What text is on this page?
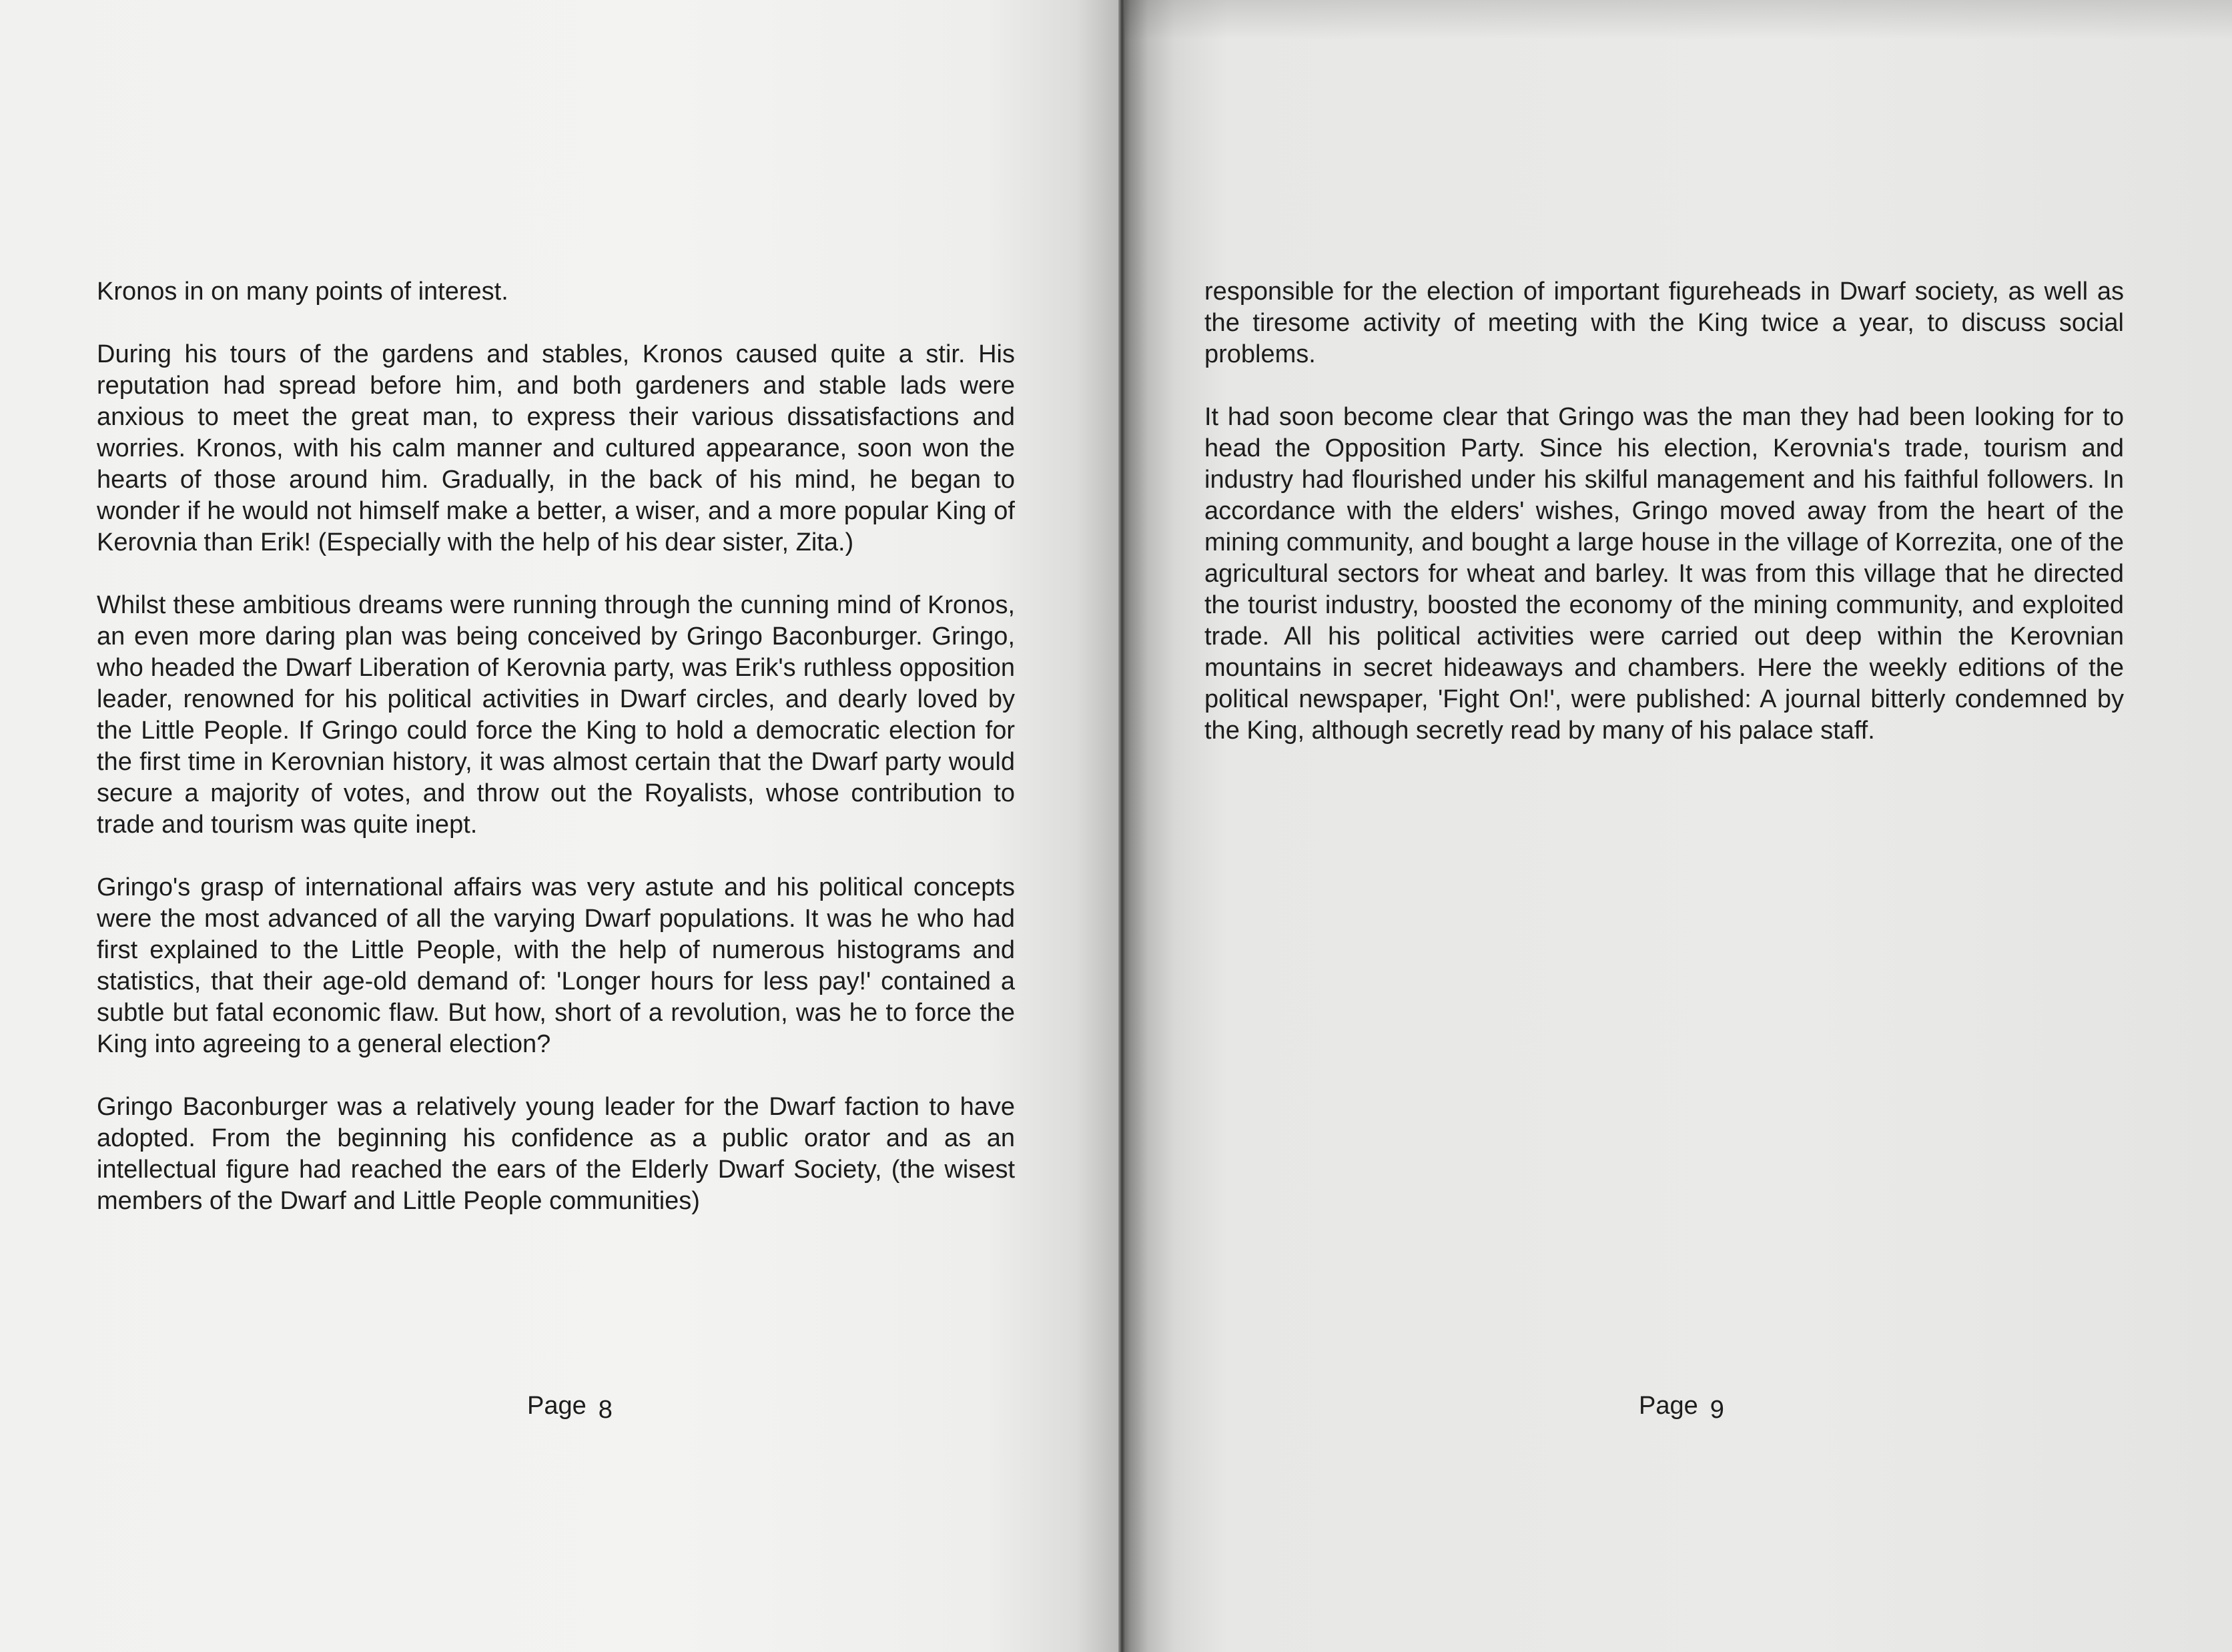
Kronos in on many points of interest.

During his tours of the gardens and stables, Kronos caused quite a stir. His reputation had spread before him, and both gardeners and stable lads were anxious to meet the great man, to express their various dissatisfactions and worries. Kronos, with his calm manner and cultured appearance, soon won the hearts of those around him. Gradually, in the back of his mind, he began to wonder if he would not himself make a better, a wiser, and a more popular King of Kerovnia than Erik! (Especially with the help of his dear sister, Zita.)

Whilst these ambitious dreams were running through the cunning mind of Kronos, an even more daring plan was being conceived by Gringo Baconburger. Gringo, who headed the Dwarf Liberation of Kerovnia party, was Erik's ruthless opposition leader, renowned for his political activities in Dwarf circles, and dearly loved by the Little People. If Gringo could force the King to hold a democratic election for the first time in Kerovnian history, it was almost certain that the Dwarf party would secure a majority of votes, and throw out the Royalists, whose contribution to trade and tourism was quite inept.

Gringo's grasp of international affairs was very astute and his political concepts were the most advanced of all the varying Dwarf populations. It was he who had first explained to the Little People, with the help of numerous histograms and statistics, that their age-old demand of: 'Longer hours for less pay!' contained a subtle but fatal economic flaw. But how, short of a revolution, was he to force the King into agreeing to a general election?

Gringo Baconburger was a relatively young leader for the Dwarf faction to have adopted. From the beginning his confidence as a public orator and as an intellectual figure had reached the ears of the Elderly Dwarf Society, (the wisest members of the Dwarf and Little People communities)

Page 8

responsible for the election of important figureheads in Dwarf society, as well as the tiresome activity of meeting with the King twice a year, to discuss social problems.

It had soon become clear that Gringo was the man they had been looking for to head the Opposition Party. Since his election, Kerovnia's trade, tourism and industry had flourished under his skilful management and his faithful followers. In accordance with the elders' wishes, Gringo moved away from the heart of the mining community, and bought a large house in the village of Korrezita, one of the agricultural sectors for wheat and barley. It was from this village that he directed the tourist industry, boosted the economy of the mining community, and exploited trade. All his political activities were carried out deep within the Kerovnian mountains in secret hideaways and chambers. Here the weekly editions of the political newspaper, 'Fight On!', were published: A journal bitterly condemned by the King, although secretly read by many of his palace staff.

Page 9
